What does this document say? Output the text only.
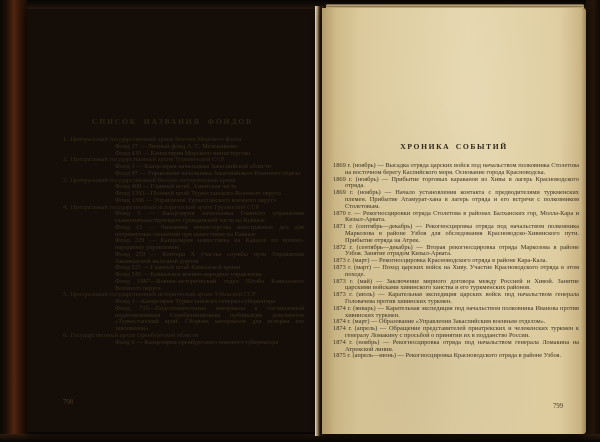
СПИСОК НАЗВАНИЯ ФОНДОВ
1. Центральный государственный архив Военно-Морского флота
Фонд 17 — Личный фонд А. С. Меньшикова
Фонд 410 — Канцелярия Морского министерства
2. Центральный государственный архив Туркменской ССР
Фонд 1 — Канцелярия начальника Закаспийской области
Фонд 97 — Управление начальника Закаспийского Военного отдела
3. Центральный государственный Военно-исторический архив
Фонд 400 — Главный штаб, Азиатская часть
Фонд 1393—Полевой штаб Туркестанского Военного округа
Фонд 1396 — Управление Туркестанского военного округа
4. Центральный государственный исторический архив Грузинской ССР
Фонд 5 — Канцелярия начальника Главного управления главноначальствующего гражданской части на Кавказе
Фонд 15 — Чиновник министерства иностранных дел для пограничных сношений при наместнике на Кавказе
Фонд 229 — Канцелярия наместника на Кавказе по военно-народному управлению
Фонд 259 — Контора X участка службы пути Управления Закавказской железной дороги
Фонд 521 — Главный штаб Кавказской армии
Фонд 545 — Кавказское военно-народное управление
Фонд 1087—Военно-исторический отдел Штаба Кавказского Военного округа
5. Центральный государственный исторический архив Узбекской ССР
Фонд 1—Канцелярия Туркестанского генерал-губернатора
Фонд 715—Подготовительные материалы к составленной подполковником Серебренниковым публикации документов «Туркестанский край. Сборник материалов для истории его завоевания».
6. Государственный архив Оренбургской области
Фонд 6 — Канцелярия оренбургского военного губернатора
798
ХРОНИКА СОБЫТИЙ
1869 г. (ноябрь) — Высадка отряда царских войск под начальством полковника Столетова на восточном берегу Каспийского моря. Основание города Красноводска.
1869 г. (ноябрь) — Прибытие торговых караванов из Хивы в лагерь Красноводского отряда.
1869 г. (ноябрь) — Начало установления контакта с предводителями туркменских племен. Прибытие Атамурат-хана в лагерь отряда и его встречи с полковником Столетовым.
1870 г. — Рекогносцировки отряда Столетова в районах Балханских гор, Молла-Кара и Кизыл-Арвата.
1871 г. (сентябрь—декабрь) — Рекогносцировка отряда под начальством полковника Маркозова в районе Узбоя для обследования Красноводско-Хивинского пути. Прибытие отряда на Атрек.
1872 г. (сентябрь—декабрь) — Вторая рекогносцировка отряда Маркозова в районе Узбоя. Занятие отрядом Кизыл-Арвата.
1873 г. (март) — Рекогносцировка Красноводского отряда в районе Кара-Кала.
1873 г. (март) — Поход царских войск на Хиву. Участие Красноводского отряда в этом походе.
1873 г. (май) — Заключение мирного договора между Россией и Хивой. Занятие царскими войсками хивинского ханства и его туркменских районов.
1873 г. (июль) — Карательная экспедиция царских войск под начальством генерала Головачева против хивинских туркмен.
1874 г. (январь) — Карательная экспедиция под начальством полковника Иванова против хивинских туркмен.
1874 г. (март) — Образование «Управления Закаспийским военным отделом».
1874 г. (апрель) — Обращение представителей приатрекских и челекенских туркмен к генералу Ломакину с просьбой о принятии их в подданство России.
1874 г. (ноябрь) — Рекогносцировка отряда под начальством генерала Ломакина на Атрекской линии.
1875 г. (апрель—июнь) — Рекогносцировка Красноводского отряда в районе Узбоя.
799
